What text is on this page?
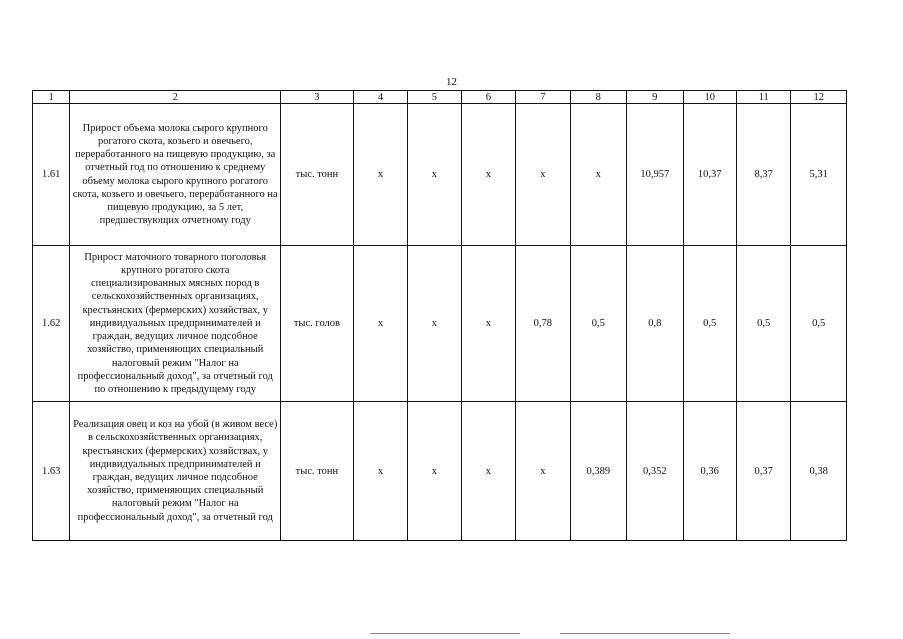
12
1	2	3	4	5	6	7	8	9	10	11	12
1.61	Прирост объема молока сырого крупного рогатого скота, козьего и овечьего, переработанного на пищевую продукцию, за отчетный год по отношению к среднему объему молока сырого крупного рогатого скота, козьего и овечьего, переработанного на пищевую продукцию, за 5 лет, предшествующих отчетному году	тыс. тонн	x	x	x	x	x	10,957	10,37	8,37	5,31
1.62	Прирост маточного товарного поголовья крупного рогатого скота специализированных мясных пород в сельскохозяйственных организациях, крестьянских (фермерских) хозяйствах, у индивидуальных предпринимателей и граждан, ведущих личное подсобное хозяйство, применяющих специальный налоговый режим "Налог на профессиональный доход", за отчетный год по отношению к предыдущему году	тыс. голов	x	x	x	0,78	0,5	0,8	0,5	0,5	0,5
1.63	Реализация овец и коз на убой (в живом весе) в сельскохозяйственных организациях, крестьянских (фермерских) хозяйствах, у индивидуальных предпринимателей и граждан, ведущих личное подсобное хозяйство, применяющих специальный налоговый режим "Налог на профессиональный доход", за отчетный год	тыс. тонн	x	x	x	x	0,389	0,352	0,36	0,37	0,38
